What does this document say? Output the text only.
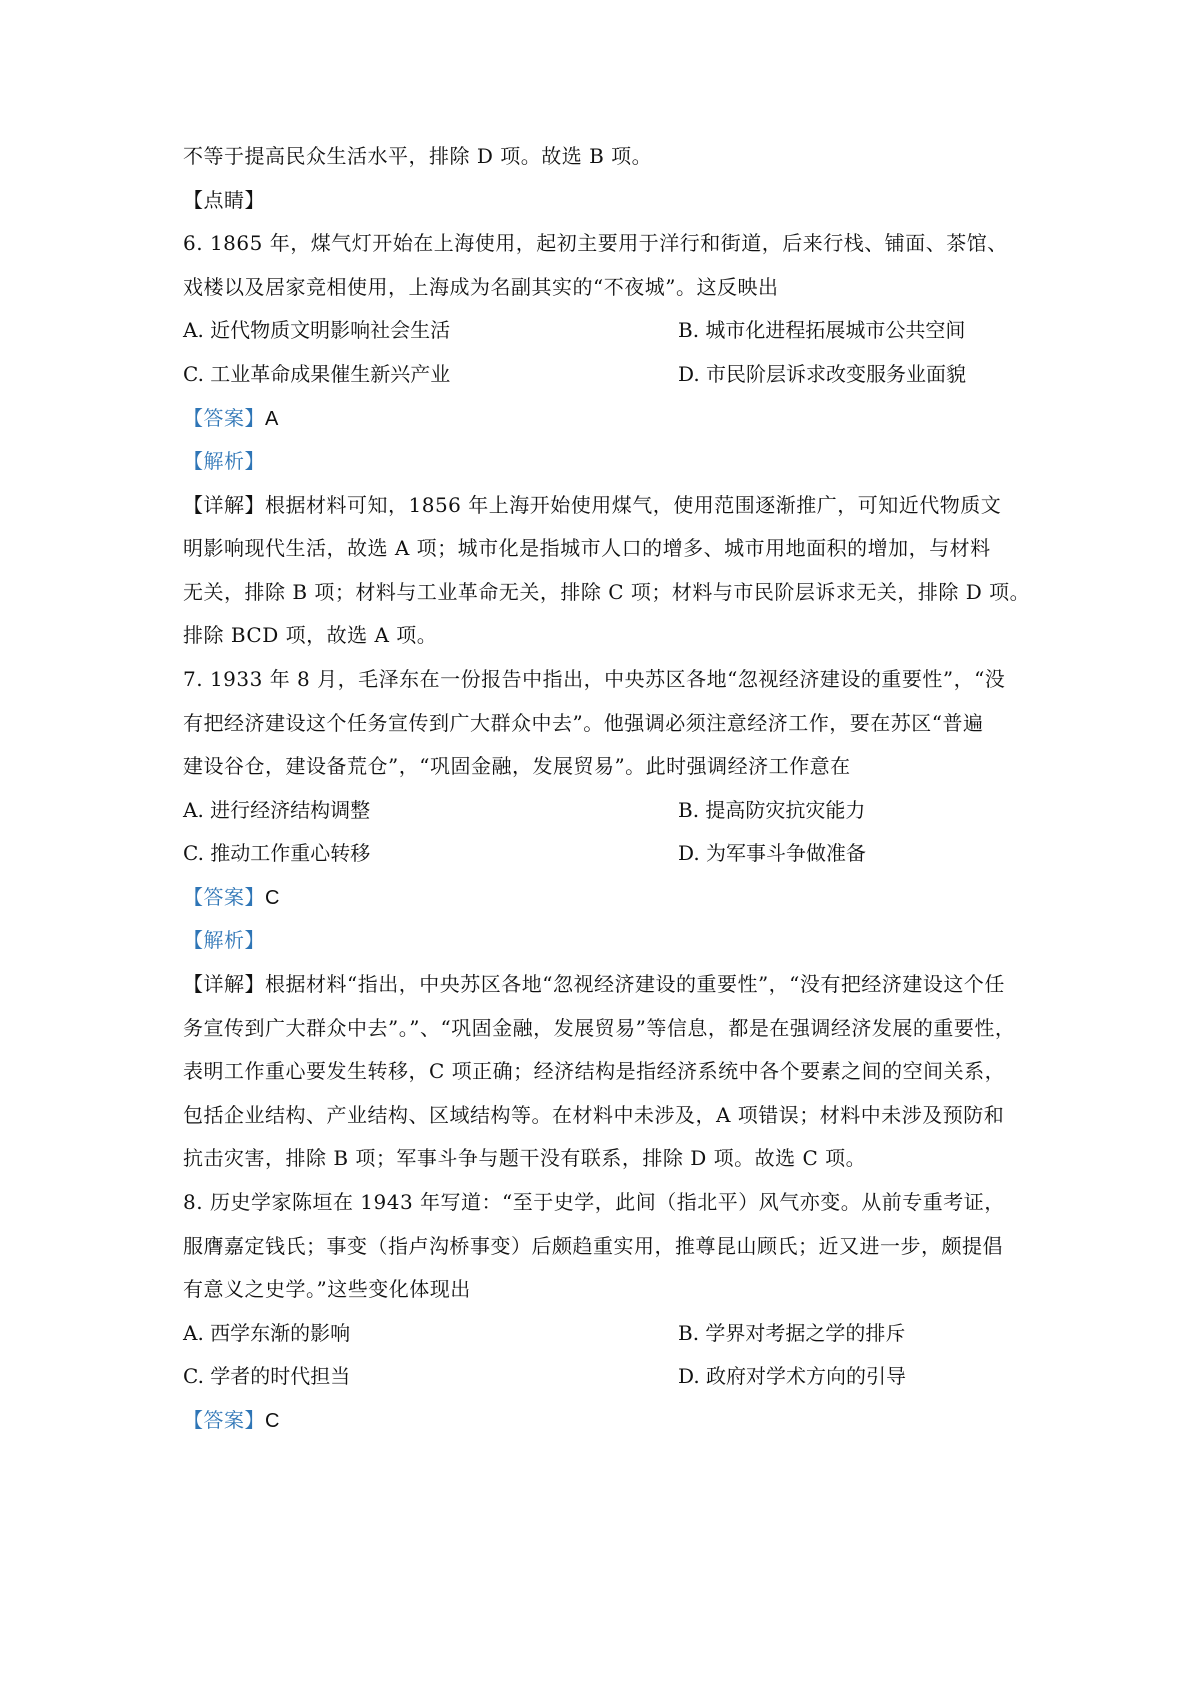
不等于提高民众生活水平，排除 D 项。故选 B 项。
【点睛】
6. 1865 年，煤气灯开始在上海使用，起初主要用于洋行和街道，后来行栈、铺面、茶馆、
戏楼以及居家竞相使用，上海成为名副其实的“不夜城”。这反映出
A. 近代物质文明影响社会生活	B. 城市化进程拓展城市公共空间
C. 工业革命成果催生新兴产业	D. 市民阶层诉求改变服务业面貌
【答案】A
【解析】
【详解】根据材料可知，1856 年上海开始使用煤气，使用范围逐渐推广，可知近代物质文
明影响现代生活，故选 A 项；城市化是指城市人口的增多、城市用地面积的增加，与材料
无关，排除 B 项；材料与工业革命无关，排除 C 项；材料与市民阶层诉求无关，排除 D 项。
排除 BCD 项，故选 A 项。
7. 1933 年 8 月，毛泽东在一份报告中指出，中央苏区各地“忽视经济建设的重要性”，“没
有把经济建设这个任务宣传到广大群众中去”。他强调必须注意经济工作，要在苏区“普遍
建设谷仓，建设备荒仓”，“巩固金融，发展贸易”。此时强调经济工作意在
A. 进行经济结构调整	B. 提高防灾抗灾能力
C. 推动工作重心转移	D. 为军事斗争做准备
【答案】C
【解析】
【详解】根据材料“指出，中央苏区各地“忽视经济建设的重要性”，“没有把经济建设这个任
务宣传到广大群众中去”。”、“巩固金融，发展贸易”等信息，都是在强调经济发展的重要性，
表明工作重心要发生转移，C 项正确；经济结构是指经济系统中各个要素之间的空间关系，
包括企业结构、产业结构、区域结构等。在材料中未涉及，A 项错误；材料中未涉及预防和
抗击灾害，排除 B 项；军事斗争与题干没有联系，排除 D 项。故选 C 项。
8. 历史学家陈垣在 1943 年写道：“至于史学，此间（指北平）风气亦变。从前专重考证，
服膺嘉定钱氏；事变（指卢沟桥事变）后颇趋重实用，推尊昆山顾氏；近又进一步，颇提倡
有意义之史学。”这些变化体现出
A. 西学东渐的影响	B. 学界对考据之学的排斥
C. 学者的时代担当	D. 政府对学术方向的引导
【答案】C
